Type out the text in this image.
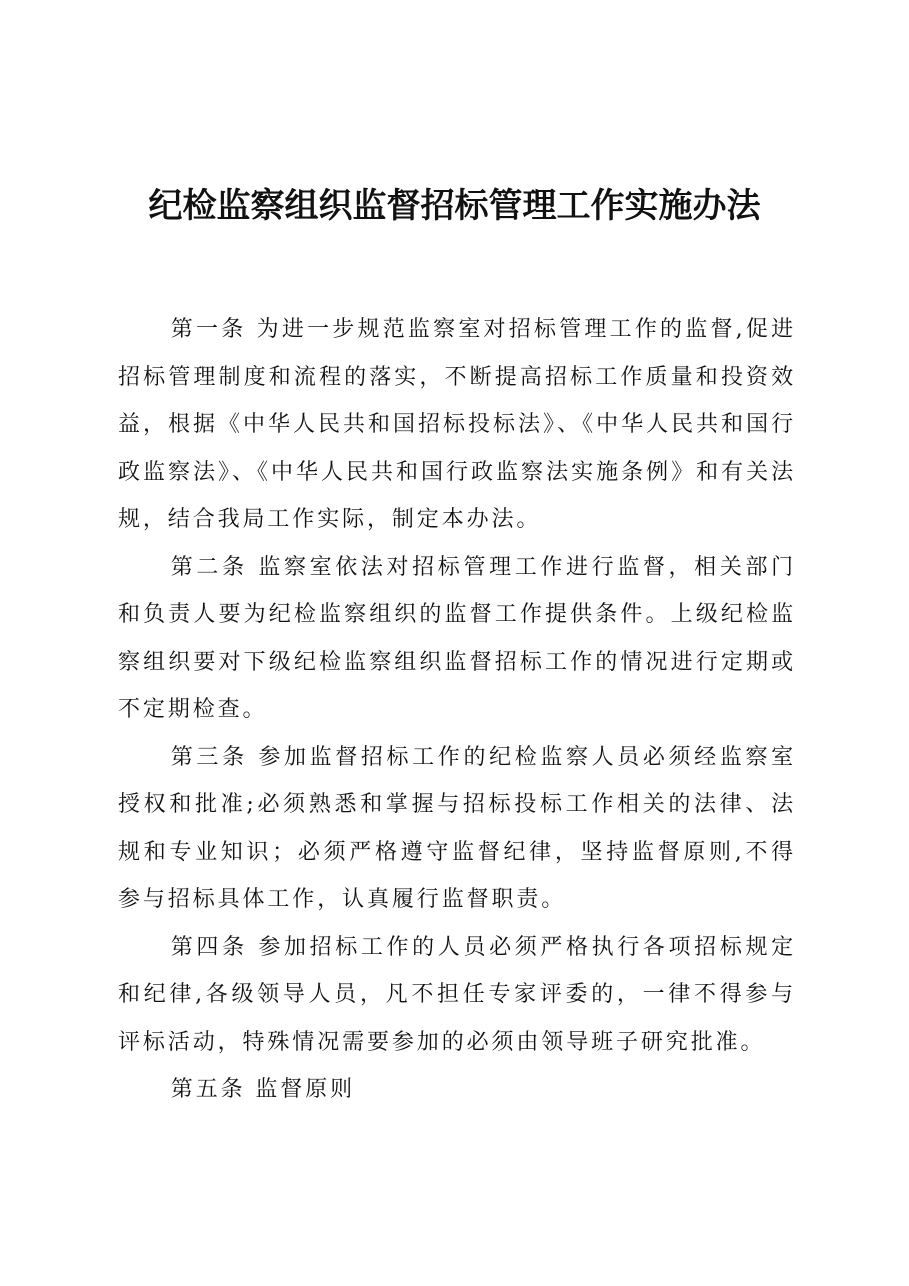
纪检监察组织监督招标管理工作实施办法

第一条 为进一步规范监察室对招标管理工作的监督,促进招标管理制度和流程的落实，不断提高招标工作质量和投资效益，根据《中华人民共和国招标投标法》、《中华人民共和国行政监察法》、《中华人民共和国行政监察法实施条例》和有关法规，结合我局工作实际，制定本办法。

第二条 监察室依法对招标管理工作进行监督，相关部门和负责人要为纪检监察组织的监督工作提供条件。上级纪检监察组织要对下级纪检监察组织监督招标工作的情况进行定期或不定期检查。

第三条 参加监督招标工作的纪检监察人员必须经监察室授权和批准;必须熟悉和掌握与招标投标工作相关的法律、法规和专业知识；必须严格遵守监督纪律，坚持监督原则,不得参与招标具体工作，认真履行监督职责。

第四条 参加招标工作的人员必须严格执行各项招标规定和纪律,各级领导人员，凡不担任专家评委的，一律不得参与评标活动，特殊情况需要参加的必须由领导班子研究批准。

第五条 监督原则
